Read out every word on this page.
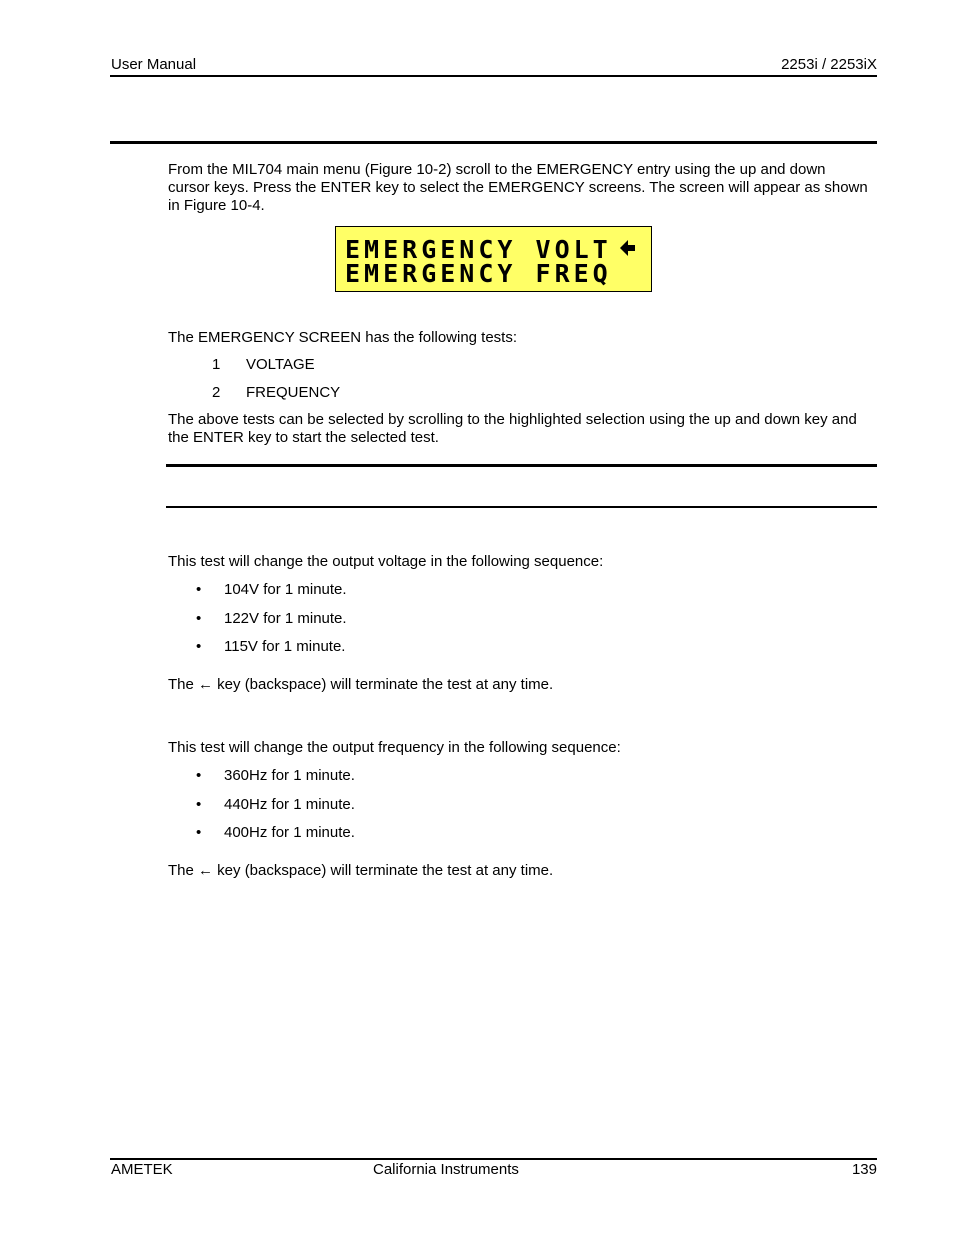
User Manual	2253i / 2253iX
From the MIL704 main menu (Figure 10-2) scroll to the EMERGENCY entry using the up and down cursor keys. Press the ENTER key to select the EMERGENCY screens. The screen will appear as shown in Figure 10-4.
EMERGENCY VOLT
EMERGENCY FREQ
The EMERGENCY SCREEN has the following tests:
1 VOLTAGE
2 FREQUENCY
The above tests can be selected by scrolling to the highlighted selection using the up and down key and the ENTER key to start the selected test.
This test will change the output voltage in the following sequence:
• 104V for 1 minute.
• 122V for 1 minute.
• 115V for 1 minute.
The ← key (backspace) will terminate the test at any time.
This test will change the output frequency in the following sequence:
• 360Hz for 1 minute.
• 440Hz for 1 minute.
• 400Hz for 1 minute.
The ← key (backspace) will terminate the test at any time.
AMETEK	California Instruments	139
